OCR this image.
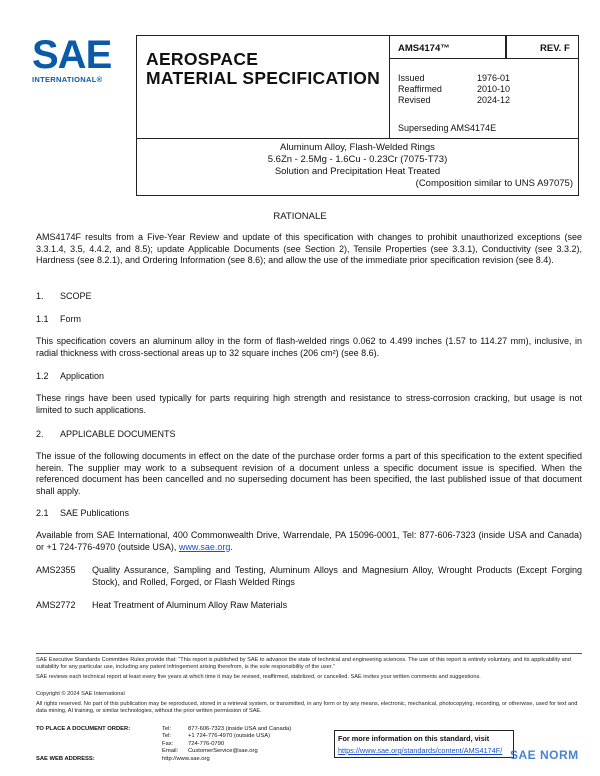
SAE
INTERNATIONAL®
AEROSPACE
MATERIAL SPECIFICATION
AMS4174™	REV. F
Issued	1976-01
Reaffirmed	2010-10
Revised	2024-12
Superseding AMS4174E
Aluminum Alloy, Flash-Welded Rings
5.6Zn - 2.5Mg - 1.6Cu - 0.23Cr (7075-T73)
Solution and Precipitation Heat Treated
(Composition similar to UNS A97075)
RATIONALE
AMS4174F results from a Five-Year Review and update of this specification with changes to prohibit unauthorized exceptions (see 3.3.1.4, 3.5, 4.4.2, and 8.5); update Applicable Documents (see Section 2), Tensile Properties (see 3.3.1), Conductivity (see 3.3.2), Hardness (see 8.2.1), and Ordering Information (see 8.6); and allow the use of the immediate prior specification revision (see 8.4).
1. SCOPE
1.1 Form
This specification covers an aluminum alloy in the form of flash-welded rings 0.062 to 4.499 inches (1.57 to 114.27 mm), inclusive, in radial thickness with cross-sectional areas up to 32 square inches (206 cm²) (see 8.6).
1.2 Application
These rings have been used typically for parts requiring high strength and resistance to stress-corrosion cracking, but usage is not limited to such applications.
2. APPLICABLE DOCUMENTS
The issue of the following documents in effect on the date of the purchase order forms a part of this specification to the extent specified herein. The supplier may work to a subsequent revision of a document unless a specific document issue is specified. When the referenced document has been cancelled and no superseding document has been specified, the last published issue of that document shall apply.
2.1 SAE Publications
Available from SAE International, 400 Commonwealth Drive, Warrendale, PA 15096-0001, Tel: 877-606-7323 (inside USA and Canada) or +1 724-776-4970 (outside USA), www.sae.org.
AMS2355	Quality Assurance, Sampling and Testing, Aluminum Alloys and Magnesium Alloy, Wrought Products (Except Forging Stock), and Rolled, Forged, or Flash Welded Rings
AMS2772	Heat Treatment of Aluminum Alloy Raw Materials
SAE Executive Standards Committee Rules provide that: “This report is published by SAE to advance the state of technical and engineering sciences. The use of this report is entirely voluntary, and its applicability and suitability for any particular use, including any patent infringement arising therefrom, is the sole responsibility of the user.”
SAE reviews each technical report at least every five years at which time it may be revised, reaffirmed, stabilized, or cancelled. SAE invites your written comments and suggestions.
Copyright © 2024 SAE International
All rights reserved. No part of this publication may be reproduced, stored in a retrieval system, or transmitted, in any form or by any means, electronic, mechanical, photocopying, recording, or otherwise, used for text and data mining, AI training, or similar technologies, without the prior written permission of SAE.
TO PLACE A DOCUMENT ORDER:	Tel:	877-606-7323 (inside USA and Canada)
Tel:	+1 724-776-4970 (outside USA)
Fax:	724-776-0790
Email: CustomerService@sae.org
SAE WEB ADDRESS:	http://www.sae.org
For more information on this standard, visit
https://www.sae.org/standards/content/AMS4174F/ SAE NORM
